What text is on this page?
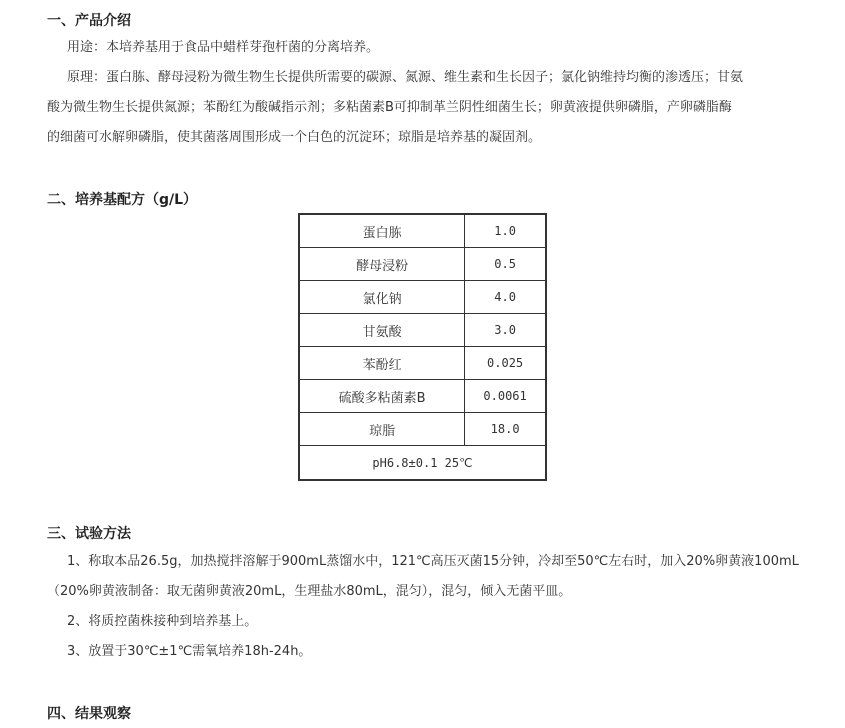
一、产品介绍

用途：本培养基用于食品中蜡样芽孢杆菌的分离培养。

原理：蛋白胨、酵母浸粉为微生物生长提供所需要的碳源、氮源、维生素和生长因子；氯化钠维持均衡的渗透压；甘氨

酸为微生物生长提供氮源；苯酚红为酸碱指示剂；多粘菌素B可抑制革兰阴性细菌生长；卵黄液提供卵磷脂，产卵磷脂酶

的细菌可水解卵磷脂，使其菌落周围形成一个白色的沉淀环；琼脂是培养基的凝固剂。

二、培养基配方（g/L）
蛋白胨	1.0
酵母浸粉	0.5
氯化钠	4.0
甘氨酸	3.0
苯酚红	0.025
硫酸多粘菌素B	0.0061
琼脂	18.0
pH6.8±0.1 25℃	
三、试验方法

1、称取本品26.5g，加热搅拌溶解于900mL蒸馏水中，121℃高压灭菌15分钟，冷却至50℃左右时，加入20%卵黄液100mL

（20%卵黄液制备：取无菌卵黄液20mL，生理盐水80mL，混匀），混匀，倾入无菌平皿。

2、将质控菌株接种到培养基上。

3、放置于30℃±1℃需氧培养18h-24h。

四、结果观察
